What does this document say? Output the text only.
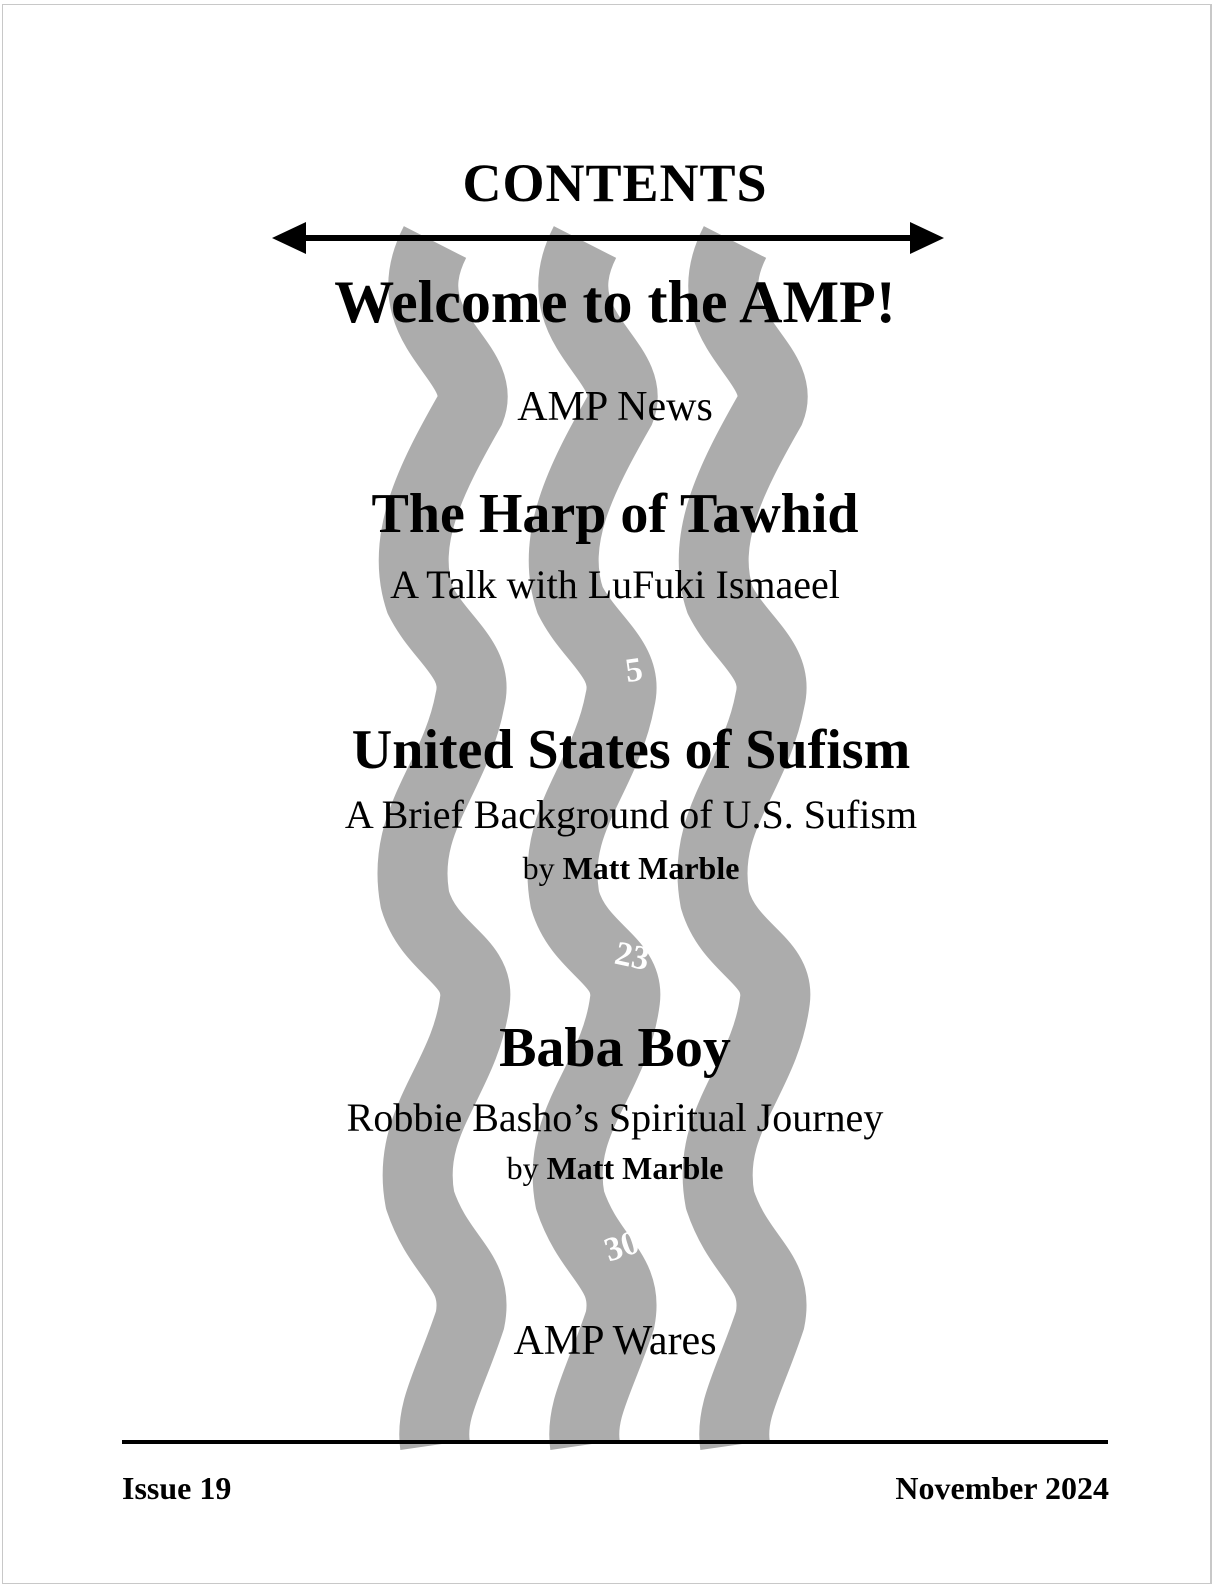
CONTENTS
Welcome to the AMP!
AMP News
The Harp of Tawhid
A Talk with LuFuki Ismaeel
5
United States of Sufism
A Brief Background of U.S. Sufism
by Matt Marble
23
Baba Boy
Robbie Basho’s Spiritual Journey
by Matt Marble
30
AMP Wares
Issue 19	November 2024
